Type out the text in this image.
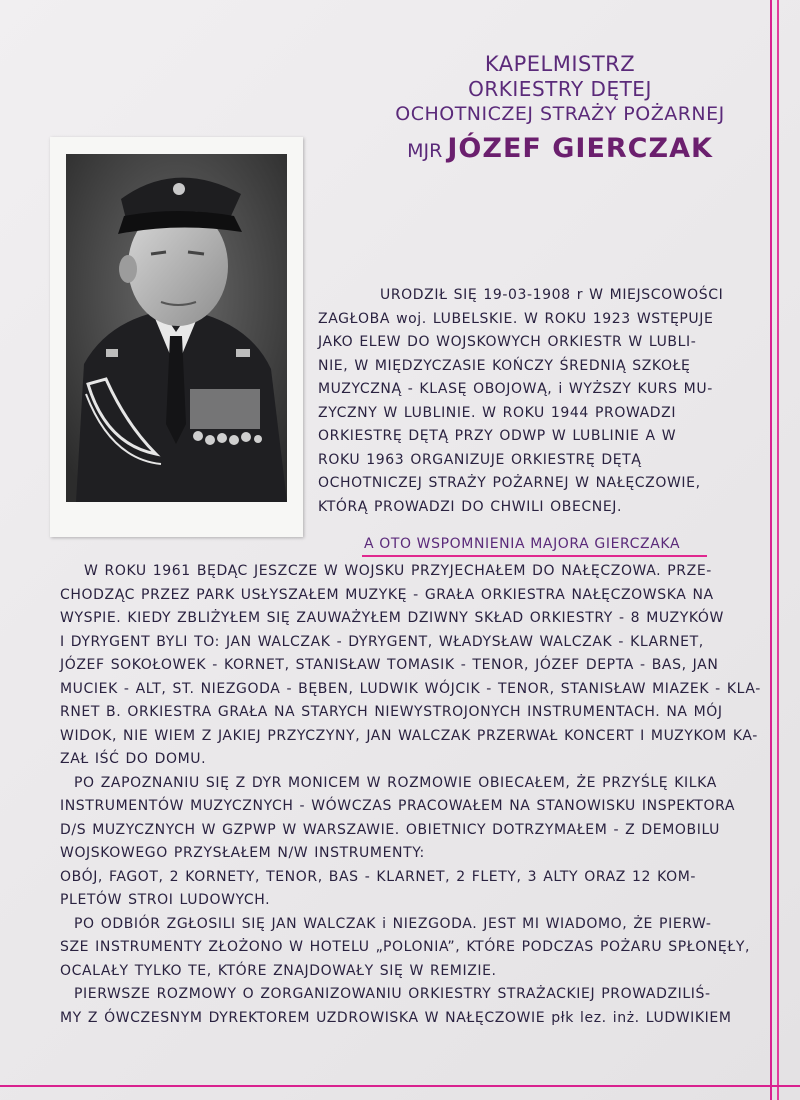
KAPELMISTRZ
ORKIESTRY DĘTEJ
OCHOTNICZEJ STRAŻY POŻARNEJ
MJR JÓZEF GIERCZAK
URODZIŁ SIĘ 19-03-1908 r W MIEJSCOWOŚCI
ZAGŁOBA woj. LUBELSKIE. W ROKU 1923 WSTĘPUJE
JAKO ELEW DO WOJSKOWYCH ORKIESTR W LUBLI-
NIE, W MIĘDZYCZASIE KOŃCZY ŚREDNIĄ SZKOŁĘ
MUZYCZNĄ - KLASĘ OBOJOWĄ, i WYŻSZY KURS MU-
ZYCZNY W LUBLINIE. W ROKU 1944 PROWADZI
ORKIESTRĘ DĘTĄ PRZY ODWP W LUBLINIE A W
ROKU 1963 ORGANIZUJE ORKIESTRĘ DĘTĄ
OCHOTNICZEJ STRAŻY POŻARNEJ W NAŁĘCZOWIE,
KTÓRĄ PROWADZI DO CHWILI OBECNEJ.
A OTO WSPOMNIENIA MAJORA GIERCZAKA
W ROKU 1961 BĘDĄC JESZCZE W WOJSKU PRZYJECHAŁEM DO NAŁĘCZOWA. PRZE-
CHODZĄC PRZEZ PARK USŁYSZAŁEM MUZYKĘ - GRAŁA ORKIESTRA NAŁĘCZOWSKA NA
WYSPIE. KIEDY ZBLIŻYŁEM SIĘ ZAUWAŻYŁEM DZIWNY SKŁAD ORKIESTRY - 8 MUZYKÓW
I DYRYGENT BYLI TO: JAN WALCZAK - DYRYGENT, WŁADYSŁAW WALCZAK - KLARNET,
JÓZEF SOKOŁOWEK - KORNET, STANISŁAW TOMASIK - TENOR, JÓZEF DEPTA - BAS, JAN
MUCIEK - ALT, ST. NIEZGODA - BĘBEN, LUDWIK WÓJCIK - TENOR, STANISŁAW MIAZEK - KLA-
RNET B. ORKIESTRA GRAŁA NA STARYCH NIEWYSTROJONYCH INSTRUMENTACH. NA MÓJ
WIDOK, NIE WIEM Z JAKIEJ PRZYCZYNY, JAN WALCZAK PRZERWAŁ KONCERT I MUZYKOM KA-
ZAŁ IŚĆ DO DOMU.
PO ZAPOZNANIU SIĘ Z DYR MONICEM W ROZMOWIE OBIECAŁEM, ŻE PRZYŚLĘ KILKA
INSTRUMENTÓW MUZYCZNYCH - WÓWCZAS PRACOWAŁEM NA STANOWISKU INSPEKTORA
D/S MUZYCZNYCH W GZPWP W WARSZAWIE. OBIETNICY DOTRZYMAŁEM - Z DEMOBILU
WOJSKOWEGO PRZYSŁAŁEM N/W INSTRUMENTY:
OBÓJ, FAGOT, 2 KORNETY, TENOR, BAS - KLARNET, 2 FLETY, 3 ALTY ORAZ 12 KOM-
PLETÓW STROI LUDOWYCH.
PO ODBIÓR ZGŁOSILI SIĘ JAN WALCZAK i NIEZGODA. JEST MI WIADOMO, ŻE PIERW-
SZE INSTRUMENTY ZŁOŻONO W HOTELU „POLONIA”, KTÓRE PODCZAS POŻARU SPŁONĘŁY,
OCALAŁY TYLKO TE, KTÓRE ZNAJDOWAŁY SIĘ W REMIZIE.
PIERWSZE ROZMOWY O ZORGANIZOWANIU ORKIESTRY STRAŻACKIEJ PROWADZILIŚ-
MY Z ÓWCZESNYM DYREKTOREM UZDROWISKA W NAŁĘCZOWIE płk lez. inż. LUDWIKIEM
